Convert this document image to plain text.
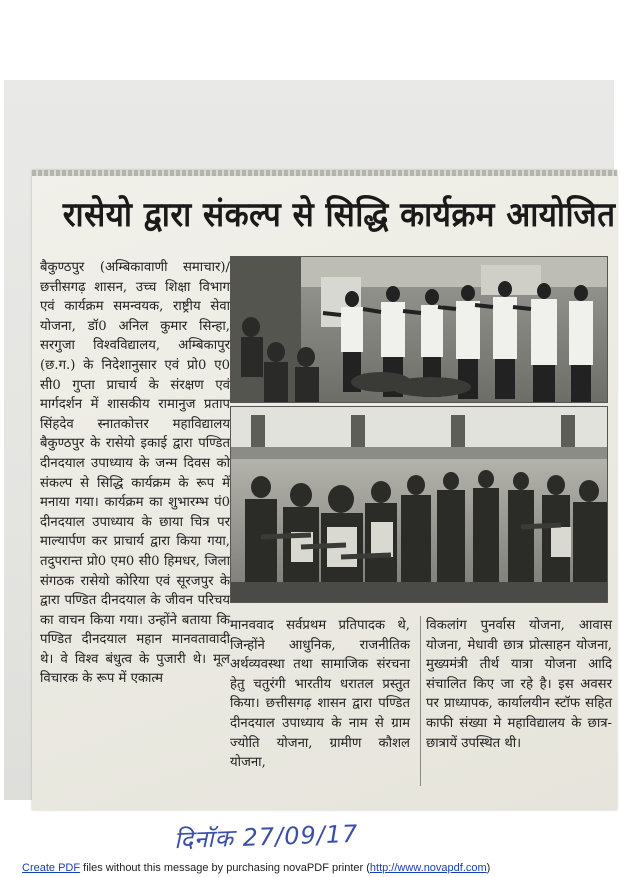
रासेयो द्वारा संकल्प से सिद्धि कार्यक्रम आयोजित
बैकुण्ठपुर (अम्बिकावाणी समाचार)/ छत्तीसगढ़ शासन, उच्च शिक्षा विभाग एवं कार्यक्रम समन्वयक, राष्ट्रीय सेवा योजना, डॉ0 अनिल कुमार सिन्हा, सरगुजा विश्वविद्यालय, अम्बिकापुर (छ.ग.) के निदेशानुसार एवं प्रो0 ए0 सी0 गुप्ता प्राचार्य के संरक्षण एवं मार्गदर्शन में शासकीय रामानुज प्रताप सिंहदेव स्नातकोत्तर महाविद्यालय बैकुण्ठपुर के रासेयो इकाई द्वारा पण्डित दीनदयाल उपाध्याय के जन्म दिवस को संकल्प से सिद्धि कार्यक्रम के रूप में मनाया गया। कार्यक्रम का शुभारम्भ पं0 दीनदयाल उपाध्याय के छाया चित्र पर माल्यार्पण कर प्राचार्य द्वारा किया गया, तदुपरान्त प्रो0 एम0 सी0 हिमधर, जिला संगठक रासेयो कोरिया एवं सूरजपुर के द्वारा पण्डित दीनदयाल के जीवन परिचय का वाचन किया गया। उन्होंने बताया कि पण्डित दीनदयाल महान मानवतावादी थे। वे विश्व बंधुत्व के पुजारी थे। मूल विचारक के रूप में एकात्म
मानववाद सर्वप्रथम प्रतिपादक थे, जिन्होंने आधुनिक, राजनीतिक अर्थव्यवस्था तथा सामाजिक संरचना हेतु चतुरंगी भारतीय धरातल प्रस्तुत किया। छत्तीसगढ़ शासन द्वारा पण्डित दीनदयाल उपाध्याय के नाम से ग्राम ज्योति योजना, ग्रामीण कौशल योजना,
विकलांग पुनर्वास योजना, आवास योजना, मेधावी छात्र प्रोत्साहन योजना, मुख्यमंत्री तीर्थ यात्रा योजना आदि संचालित किए जा रहे है। इस अवसर पर प्राध्यापक, कार्यालयीन स्टॉफ सहित काफी संख्या मे महाविद्यालय के छात्र-छात्रायें उपस्थित थी।
दिनॉक 27/09/17
Create PDF files without this message by purchasing novaPDF printer (http://www.novapdf.com)
